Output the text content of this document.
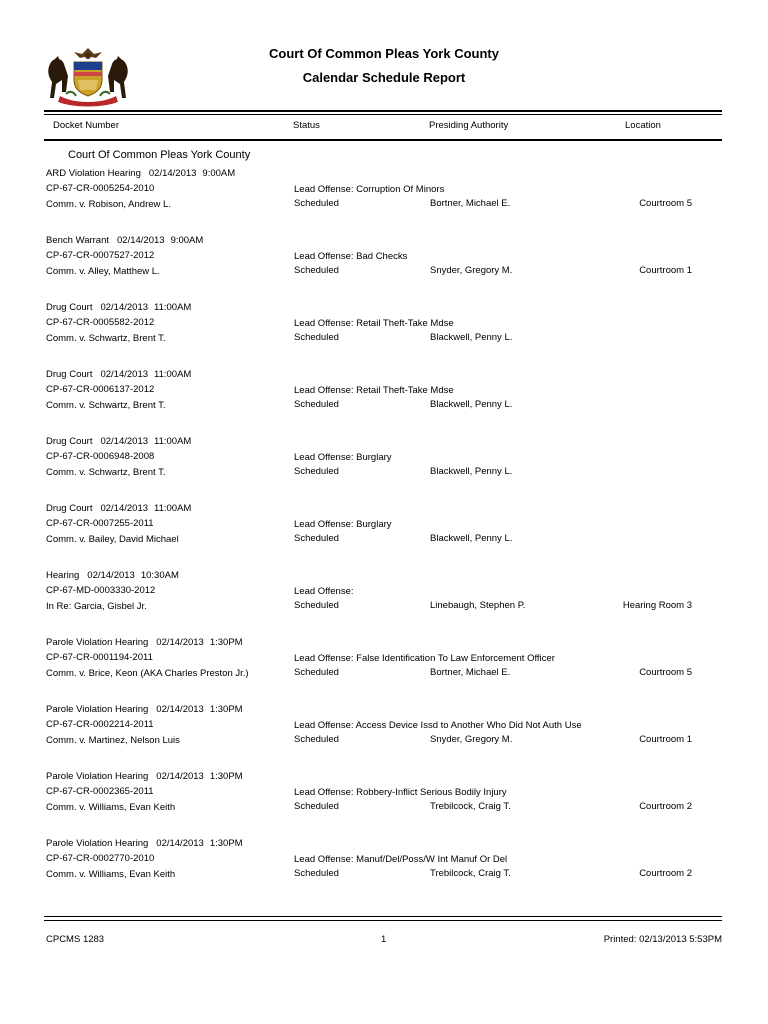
Court Of Common Pleas York County
Calendar Schedule Report
Docket Number	Status	Presiding Authority	Location
Court Of Common Pleas York County
ARD Violation Hearing 02/14/2013 9:00AM
CP-67-CR-0005254-2010
Comm. v. Robison, Andrew L.
Lead Offense: Corruption Of Minors
Scheduled	Bortner, Michael E.	Courtroom 5
Bench Warrant 02/14/2013 9:00AM
CP-67-CR-0007527-2012
Comm. v. Alley, Matthew L.
Lead Offense: Bad Checks
Scheduled	Snyder, Gregory M.	Courtroom 1
Drug Court 02/14/2013 11:00AM
CP-67-CR-0005582-2012
Comm. v. Schwartz, Brent T.
Lead Offense: Retail Theft-Take Mdse
Scheduled	Blackwell, Penny L.
Drug Court 02/14/2013 11:00AM
CP-67-CR-0006137-2012
Comm. v. Schwartz, Brent T.
Lead Offense: Retail Theft-Take Mdse
Scheduled	Blackwell, Penny L.
Drug Court 02/14/2013 11:00AM
CP-67-CR-0006948-2008
Comm. v. Schwartz, Brent T.
Lead Offense: Burglary
Scheduled	Blackwell, Penny L.
Drug Court 02/14/2013 11:00AM
CP-67-CR-0007255-2011
Comm. v. Bailey, David Michael
Lead Offense: Burglary
Scheduled	Blackwell, Penny L.
Hearing 02/14/2013 10:30AM
CP-67-MD-0003330-2012
In Re: Garcia, Gisbel Jr.
Lead Offense:
Scheduled	Linebaugh, Stephen P.	Hearing Room 3
Parole Violation Hearing 02/14/2013 1:30PM
CP-67-CR-0001194-2011
Comm. v. Brice, Keon (AKA Charles Preston Jr.)
Lead Offense: False Identification To Law Enforcement Officer
Scheduled	Bortner, Michael E.	Courtroom 5
Parole Violation Hearing 02/14/2013 1:30PM
CP-67-CR-0002214-2011
Comm. v. Martinez, Nelson Luis
Lead Offense: Access Device Issd to Another Who Did Not Auth Use
Scheduled	Snyder, Gregory M.	Courtroom 1
Parole Violation Hearing 02/14/2013 1:30PM
CP-67-CR-0002365-2011
Comm. v. Williams, Evan Keith
Lead Offense: Robbery-Inflict Serious Bodily Injury
Scheduled	Trebilcock, Craig T.	Courtroom 2
Parole Violation Hearing 02/14/2013 1:30PM
CP-67-CR-0002770-2010
Comm. v. Williams, Evan Keith
Lead Offense: Manuf/Del/Poss/W Int Manuf Or Del
Scheduled	Trebilcock, Craig T.	Courtroom 2
CPCMS 1283	1	Printed: 02/13/2013 5:53PM
